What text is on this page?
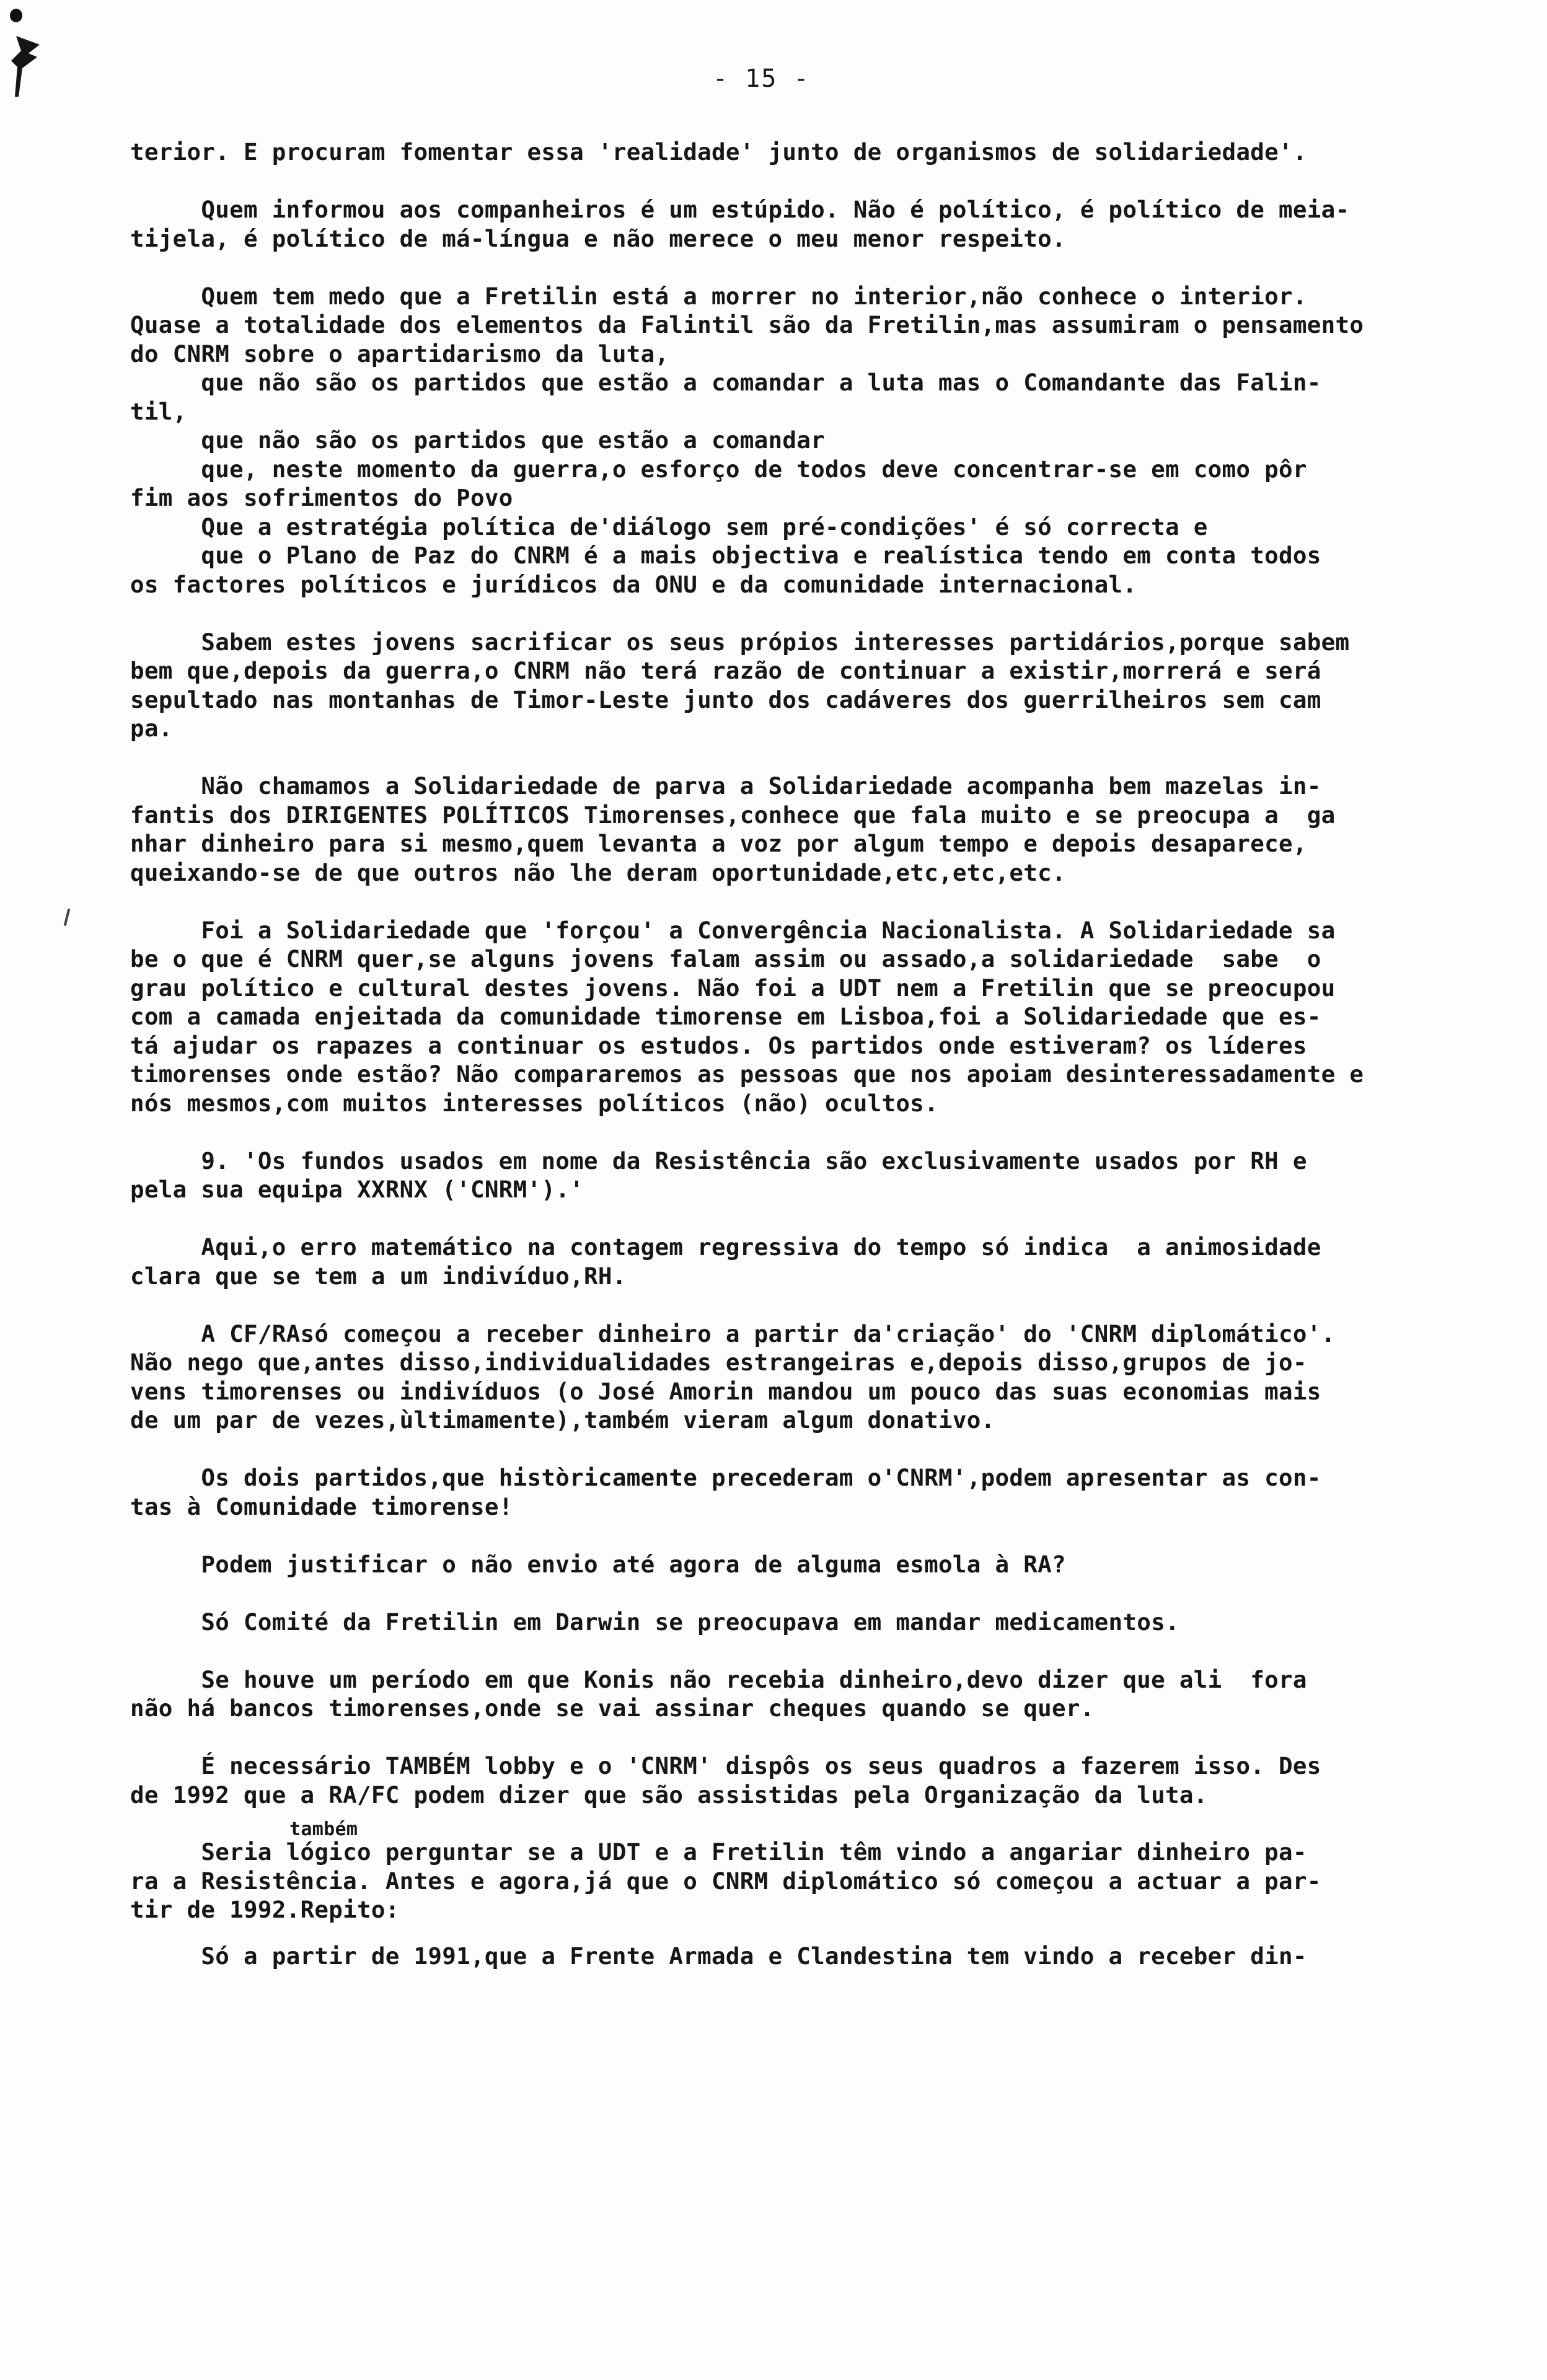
- 15 -
terior. E procuram fomentar essa 'realidade' junto de organismos de solidariedade'.
Quem informou aos companheiros é um estúpido. Não é político, é político de meia-
tijela, é político de má-língua e não merece o meu menor respeito.
Quem tem medo que a Fretilin está a morrer no interior,não conhece o interior.
Quase a totalidade dos elementos da Falintil são da Fretilin,mas assumiram o pensamento
do CNRM sobre o apartidarismo da luta,
que não são os partidos que estão a comandar a luta mas o Comandante das Falin-
til,
que não são os partidos que estão a comandar
que, neste momento da guerra,o esforço de todos deve concentrar-se em como pôr
fim aos sofrimentos do Povo
Que a estratégia política de'diálogo sem pré-condições' é só correcta e
que o Plano de Paz do CNRM é a mais objectiva e realística tendo em conta todos
os factores políticos e jurídicos da ONU e da comunidade internacional.
Sabem estes jovens sacrificar os seus própios interesses partidários,porque sabem
bem que,depois da guerra,o CNRM não terá razão de continuar a existir,morrerá e será
sepultado nas montanhas de Timor-Leste junto dos cadáveres dos guerrilheiros sem cam
pa.
Não chamamos a Solidariedade de parva a Solidariedade acompanha bem mazelas in-
fantis dos DIRIGENTES POLÍTICOS Timorenses,conhece que fala muito e se preocupa a  ga
nhar dinheiro para si mesmo,quem levanta a voz por algum tempo e depois desaparece,
queixando-se de que outros não lhe deram oportunidade,etc,etc,etc.
Foi a Solidariedade que 'forçou' a Convergência Nacionalista. A Solidariedade sa
be o que é CNRM quer,se alguns jovens falam assim ou assado,a solidariedade  sabe  o
grau político e cultural destes jovens. Não foi a UDT nem a Fretilin que se preocupou
com a camada enjeitada da comunidade timorense em Lisboa,foi a Solidariedade que es-
tá ajudar os rapazes a continuar os estudos. Os partidos onde estiveram? os líderes
timorenses onde estão? Não compararemos as pessoas que nos apoiam desinteressadamente e
nós mesmos,com muitos interesses políticos (não) ocultos.
9. 'Os fundos usados em nome da Resistência são exclusivamente usados por RH e
pela sua equipa XXRNX ('CNRM').'
Aqui,o erro matemático na contagem regressiva do tempo só indica  a animosidade
clara que se tem a um indivíduo,RH.
A CF/RAsó começou a receber dinheiro a partir da'criação' do 'CNRM diplomático'.
Não nego que,antes disso,individualidades estrangeiras e,depois disso,grupos de jo-
vens timorenses ou indivíduos (o José Amorin mandou um pouco das suas economias mais
de um par de vezes,ùltimamente),também vieram algum donativo.
Os dois partidos,que històricamente precederam o'CNRM',podem apresentar as con-
tas à Comunidade timorense!
Podem justificar o não envio até agora de alguma esmola à RA?
Só Comité da Fretilin em Darwin se preocupava em mandar medicamentos.
Se houve um período em que Konis não recebia dinheiro,devo dizer que ali  fora
não há bancos timorenses,onde se vai assinar cheques quando se quer.
É necessário TAMBÉM lobby e o 'CNRM' dispôs os seus quadros a fazerem isso. Des
de 1992 que a RA/FC podem dizer que são assistidas pela Organização da luta.
também
Seria lógico perguntar se a UDT e a Fretilin têm vindo a angariar dinheiro pa-
ra a Resistência. Antes e agora,já que o CNRM diplomático só começou a actuar a par-
tir de 1992.Repito:
Só a partir de 1991,que a Frente Armada e Clandestina tem vindo a receber din-
